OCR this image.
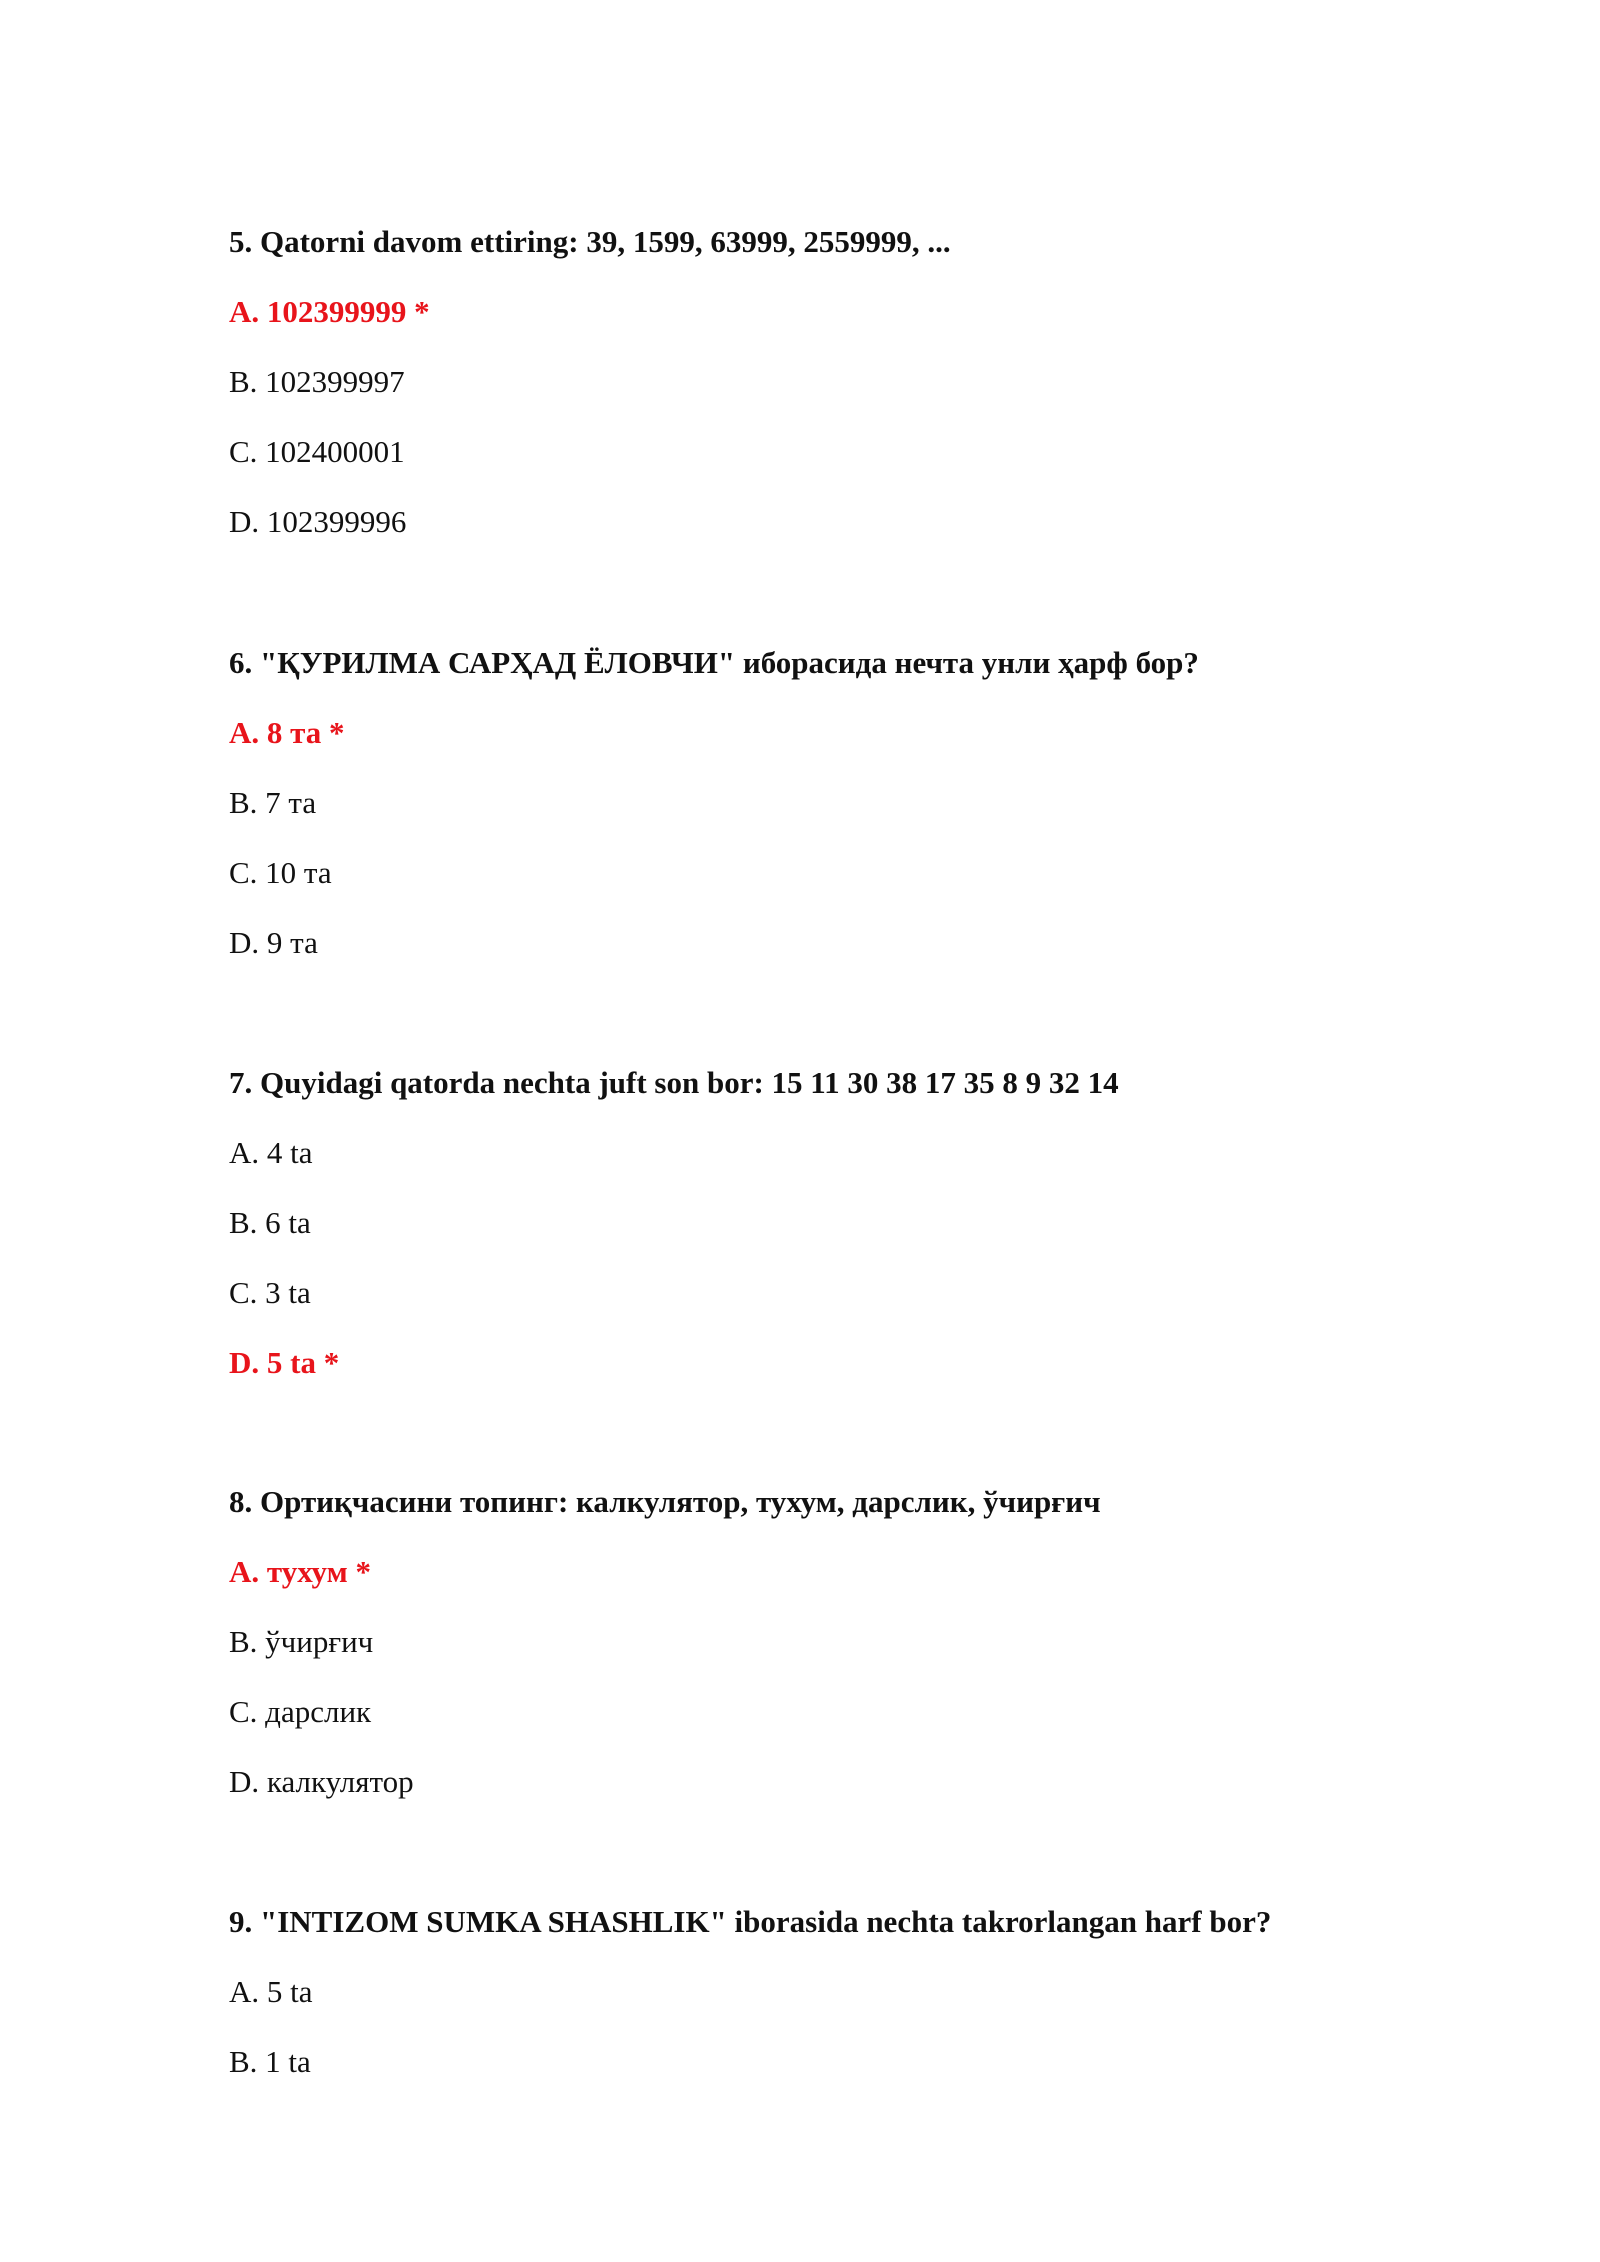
5. Qatorni davom ettiring: 39, 1599, 63999, 2559999, ...
A. 102399999 *
B. 102399997
C. 102400001
D. 102399996
6. "ҚУРИЛМА САРҲАД ЁЛОВЧИ" иборасида нечта унли ҳарф бор?
A. 8 та *
B. 7 та
C. 10 та
D. 9 та
7. Quyidagi qatorda nechta juft son bor: 15 11 30 38 17 35 8 9 32 14
A. 4 ta
B. 6 ta
C. 3 ta
D. 5 ta *
8. Ортиқчасини топинг: калкулятор, тухум, дарслик, ўчирғич
A. тухум *
B. ўчирғич
C. дарслик
D. калкулятор
9. "INTIZOM SUMKA SHASHLIK" iborasida nechta takrorlangan harf bor?
A. 5 ta
B. 1 ta
